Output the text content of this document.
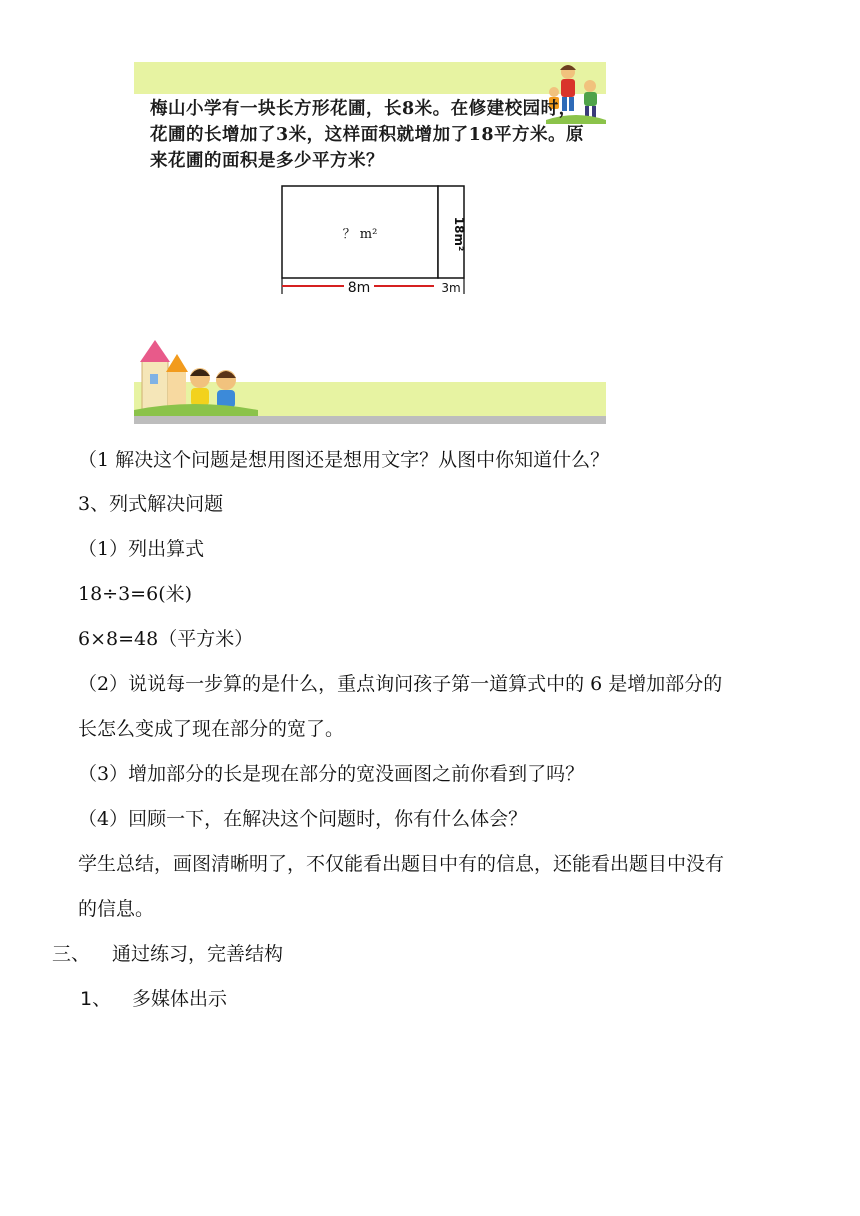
梅山小学有一块长方形花圃，长8米。在修建校园时，花圃的长增加了3米，这样面积就增加了18平方米。原来花圃的面积是多少平方米？
？ m²
8m	3m
18m²
（1 解决这个问题是想用图还是想用文字？从图中你知道什么？
3、列式解决问题
（1）列出算式
18÷3=6(米)
6×8=48（平方米）
（2）说说每一步算的是什么，重点询问孩子第一道算式中的 6 是增加部分的
长怎么变成了现在部分的宽了。
（3）增加部分的长是现在部分的宽没画图之前你看到了吗？
（4）回顾一下，在解决这个问题时，你有什么体会？
学生总结，画图清晰明了，不仅能看出题目中有的信息，还能看出题目中没有
的信息。
三、 通过练习，完善结构
1、 多媒体出示
